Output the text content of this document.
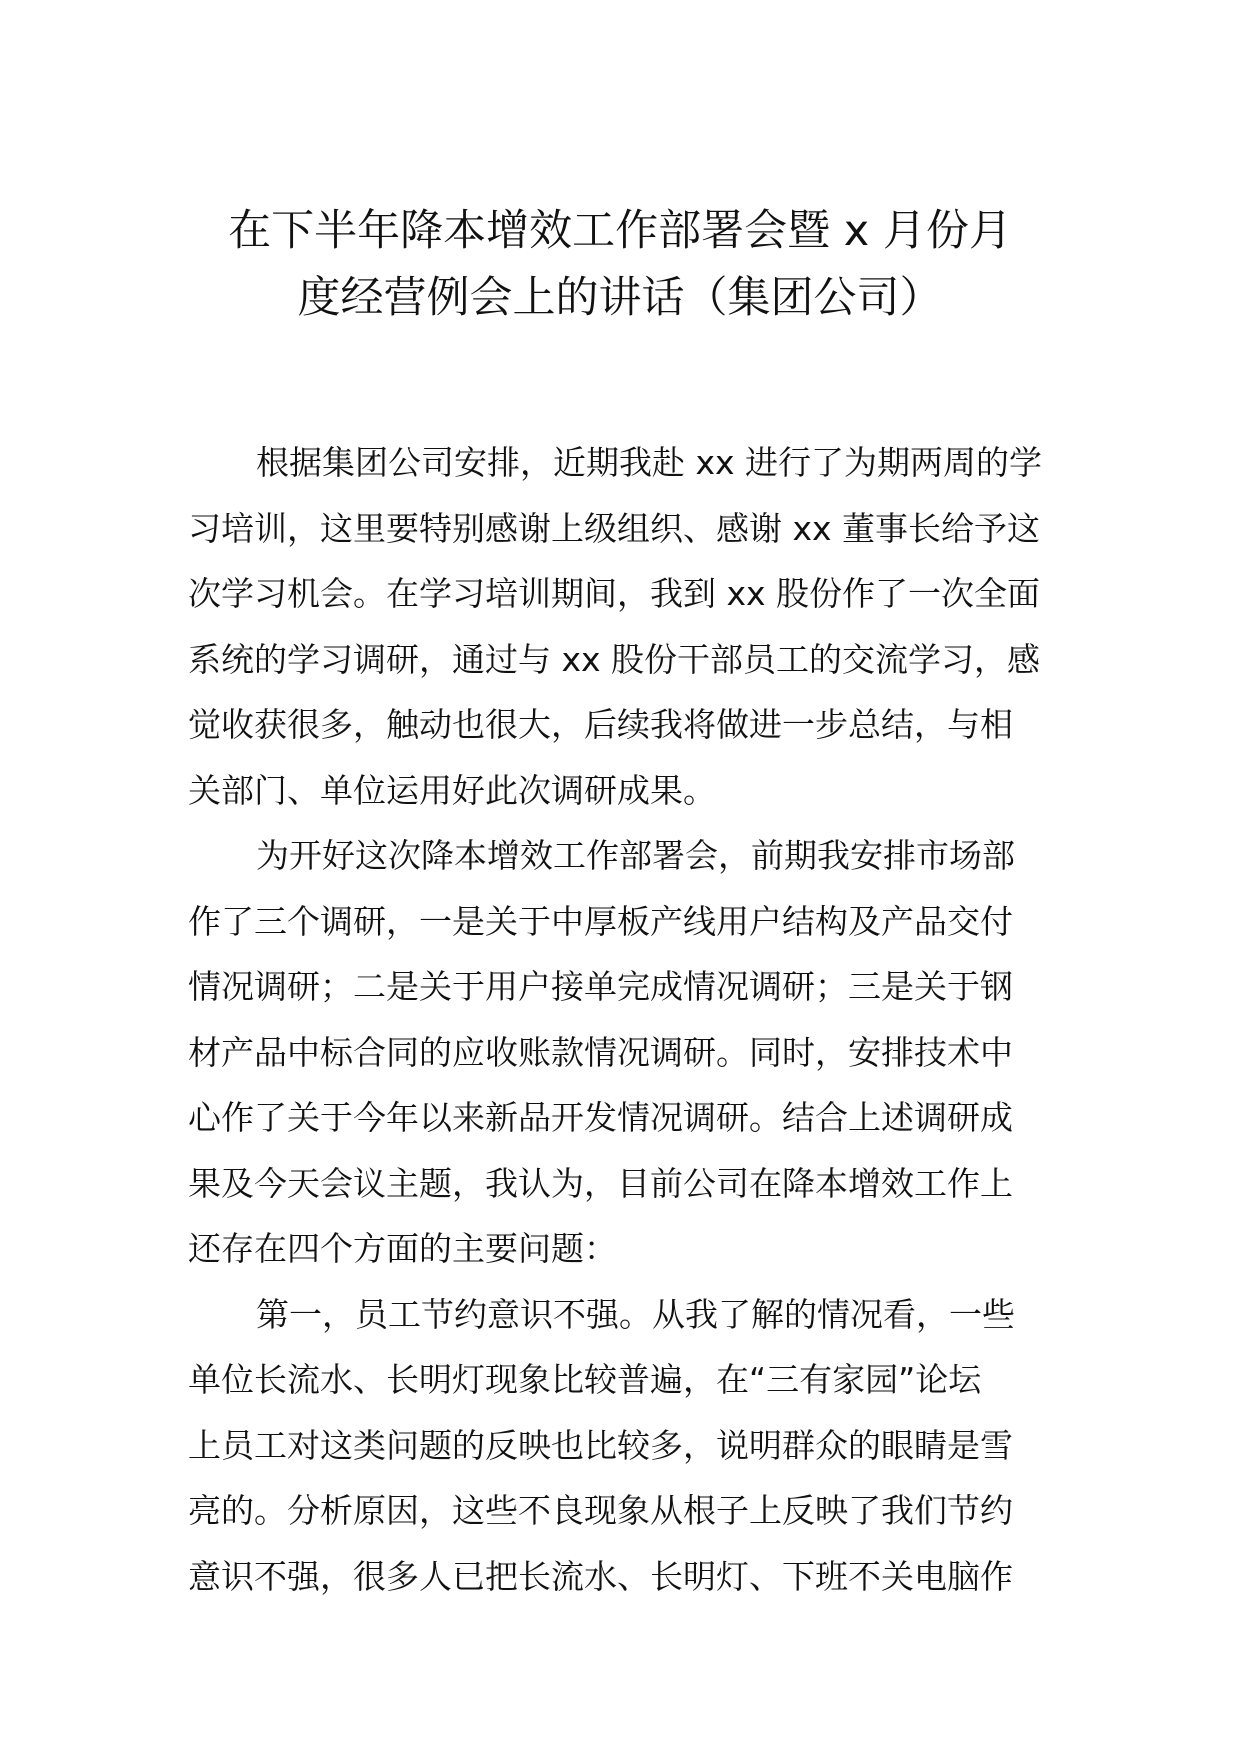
在下半年降本增效工作部署会暨 x 月份月
度经营例会上的讲话（集团公司）
根据集团公司安排，近期我赴 xx 进行了为期两周的学
习培训，这里要特别感谢上级组织、感谢 xx 董事长给予这
次学习机会。在学习培训期间，我到 xx 股份作了一次全面
系统的学习调研，通过与 xx 股份干部员工的交流学习，感
觉收获很多，触动也很大，后续我将做进一步总结，与相
关部门、单位运用好此次调研成果。
为开好这次降本增效工作部署会，前期我安排市场部
作了三个调研，一是关于中厚板产线用户结构及产品交付
情况调研；二是关于用户接单完成情况调研；三是关于钢
材产品中标合同的应收账款情况调研。同时，安排技术中
心作了关于今年以来新品开发情况调研。结合上述调研成
果及今天会议主题，我认为，目前公司在降本增效工作上
还存在四个方面的主要问题：
第一，员工节约意识不强。从我了解的情况看，一些
单位长流水、长明灯现象比较普遍，在“三有家园”论坛
上员工对这类问题的反映也比较多，说明群众的眼睛是雪
亮的。分析原因，这些不良现象从根子上反映了我们节约
意识不强，很多人已把长流水、长明灯、下班不关电脑作
